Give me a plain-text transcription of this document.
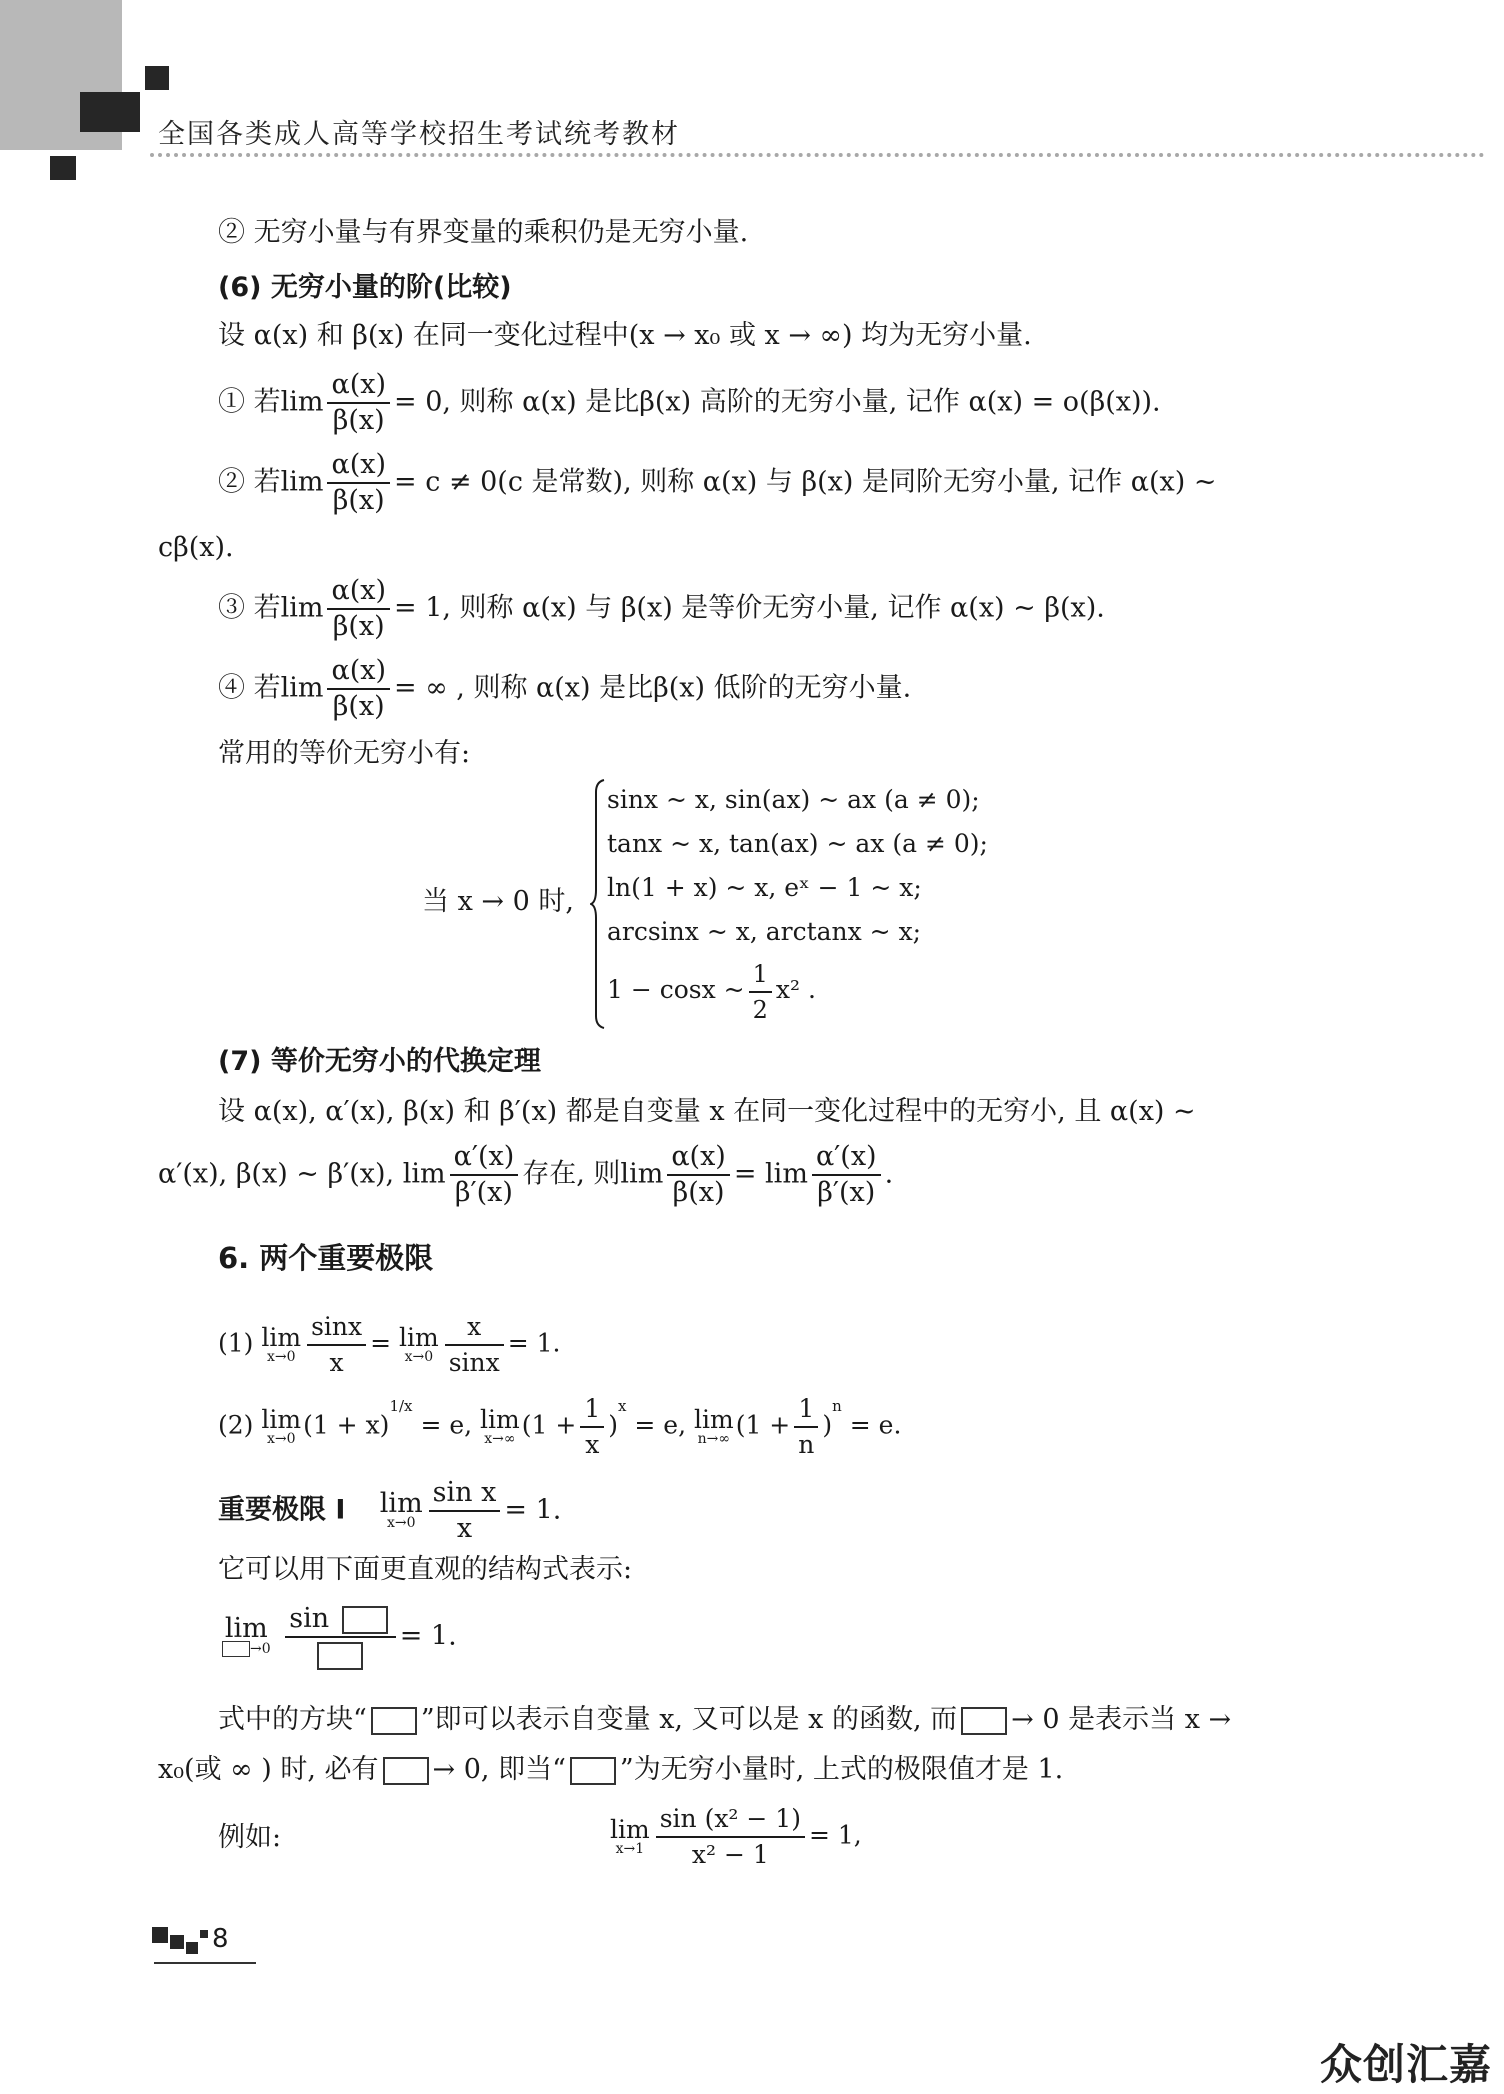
全国各类成人高等学校招生考试统考教材
② 无穷小量与有界变量的乘积仍是无穷小量.
(6) 无穷小量的阶(比较)
设 α(x) 和 β(x) 在同一变化过程中(x → x₀ 或 x → ∞) 均为无穷小量.
① 若$\lim \frac{\alpha(x)}{\beta(x)} = 0$, 则称 α(x) 是比β(x) 高阶的无穷小量, 记作 α(x) = o(β(x)).
② 若$\lim \frac{\alpha(x)}{\beta(x)} = c \ne 0(c$ 是常数), 则称 α(x) 与 β(x) 是同阶无穷小量, 记作 α(x) ~
cβ(x).
③ 若$\lim \frac{\alpha(x)}{\beta(x)} = 1$, 则称 α(x) 与 β(x) 是等价无穷小量, 记作 α(x) ~ β(x).
④ 若$\lim \frac{\alpha(x)}{\beta(x)}$ = ∞ , 则称 α(x) 是比β(x) 低阶的无穷小量.
常用的等价无穷小有:
当 x → 0 时,
sinx ~ x, sin(ax) ~ ax (a ≠ 0);
tanx ~ x, tan(ax) ~ ax (a ≠ 0);
ln(1 + x) ~ x, eˣ − 1 ~ x;
arcsinx ~ x, arctanx ~ x;
1 − cosx ~ $\frac{1}{2} x^2$ .
(7) 等价无穷小的代换定理
设 α(x), α′(x), β(x) 和 β′(x) 都是自变量 x 在同一变化过程中的无穷小, 且 α(x) ~
α′(x), β(x) ~ β′(x), $\lim \frac{\alpha'(x)}{\beta'(x)}$ 存在, 则$\lim \frac{\alpha(x)}{\beta(x)} = \lim \frac{\alpha'(x)}{\beta'(x)}$ .
6. 两个重要极限
(1) lim
$x\to 0 \frac{\sin x}{x} = \lim$
$x\to 0 \frac{x}{\sin x} = 1$.
(2) lim
x→0 $(1 + x)^{1/x} = e$, lim
x→∞ $(1 + \frac{1}{x} )^x = e$, lim
n→∞ $(1 + \frac{1}{n} )^n = e$.
重要极限 Ⅰ lim
$x\to 0 \frac{\text{sin x}}{x} = 1$.
它可以用下面更直观的结构式表示:
lim
→0

sin
= 1.
式中的方块“ ”即可以表示自变量 x, 又可以是 x 的函数, 而 → 0 是表示当 x →
x₀(或 ∞ ) 时, 必有 → 0, 即当“ ”为无穷小量时, 上式的极限值才是 1.
例如:	lim
$x\to 1 \frac{\text{sin (x² − 1)}}{\text{x² − 1}} = 1$,
8
众创汇嘉
